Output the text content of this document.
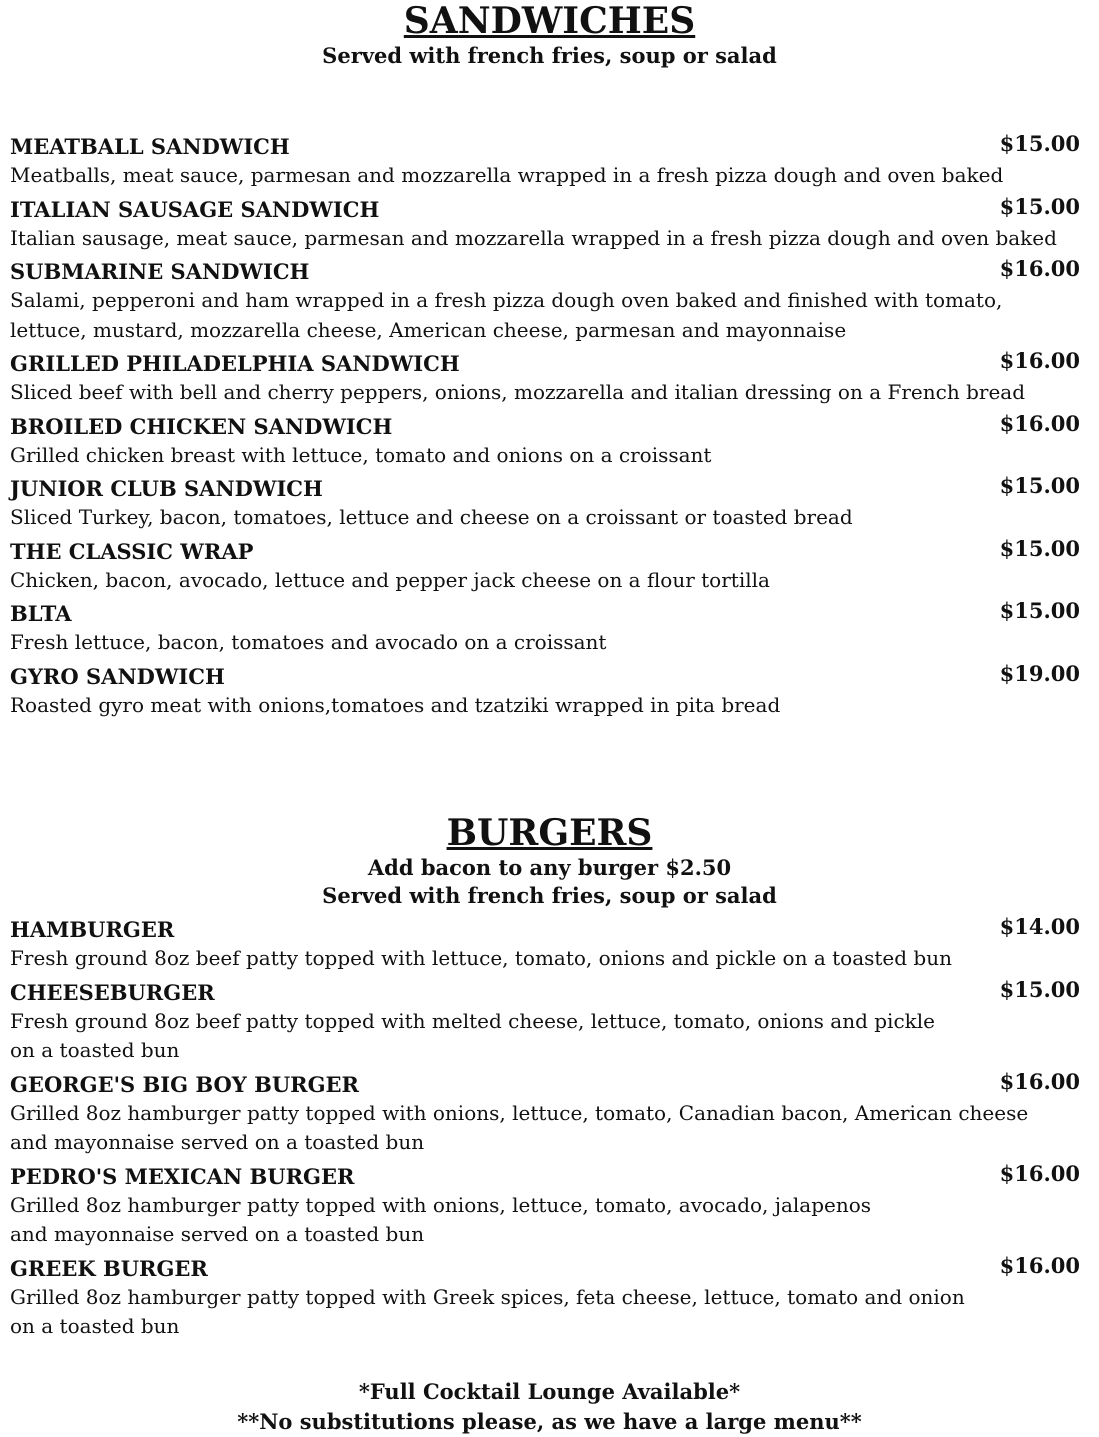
SANDWICHES

Served with french fries, soup or salad

MEATBALL SANDWICH	$15.00
Meatballs, meat sauce, parmesan and mozzarella wrapped in a fresh pizza dough and oven baked
ITALIAN SAUSAGE SANDWICH	$15.00
Italian sausage, meat sauce, parmesan and mozzarella wrapped in a fresh pizza dough and oven baked
SUBMARINE SANDWICH	$16.00
Salami, pepperoni and ham wrapped in a fresh pizza dough oven baked and finished with tomato,
lettuce, mustard, mozzarella cheese, American cheese, parmesan and mayonnaise
GRILLED PHILADELPHIA SANDWICH	$16.00
Sliced beef with bell and cherry peppers, onions, mozzarella and italian dressing on a French bread
BROILED CHICKEN SANDWICH	$16.00
Grilled chicken breast with lettuce, tomato and onions on a croissant
JUNIOR CLUB SANDWICH	$15.00
Sliced Turkey, bacon, tomatoes, lettuce and cheese on a croissant or toasted bread
THE CLASSIC WRAP	$15.00
Chicken, bacon, avocado, lettuce and pepper jack cheese on a flour tortilla
BLTA	$15.00
Fresh lettuce, bacon, tomatoes and avocado on a croissant
GYRO SANDWICH	$19.00
Roasted gyro meat with onions,tomatoes and tzatziki wrapped in pita bread
BURGERS

Add bacon to any burger $2.50

Served with french fries, soup or salad

HAMBURGER	$14.00
Fresh ground 8oz beef patty topped with lettuce, tomato, onions and pickle on a toasted bun
CHEESEBURGER	$15.00
Fresh ground 8oz beef patty topped with melted cheese, lettuce, tomato, onions and pickle
on a toasted bun
GEORGE'S BIG BOY BURGER	$16.00
Grilled 8oz hamburger patty topped with onions, lettuce, tomato, Canadian bacon, American cheese
and mayonnaise served on a toasted bun
PEDRO'S MEXICAN BURGER	$16.00
Grilled 8oz hamburger patty topped with onions, lettuce, tomato, avocado, jalapenos
and mayonnaise served on a toasted bun
GREEK BURGER	$16.00
Grilled 8oz hamburger patty topped with Greek spices, feta cheese, lettuce, tomato and onion
on a toasted bun

*Full Cocktail Lounge Available*

**No substitutions please, as we have a large menu**
